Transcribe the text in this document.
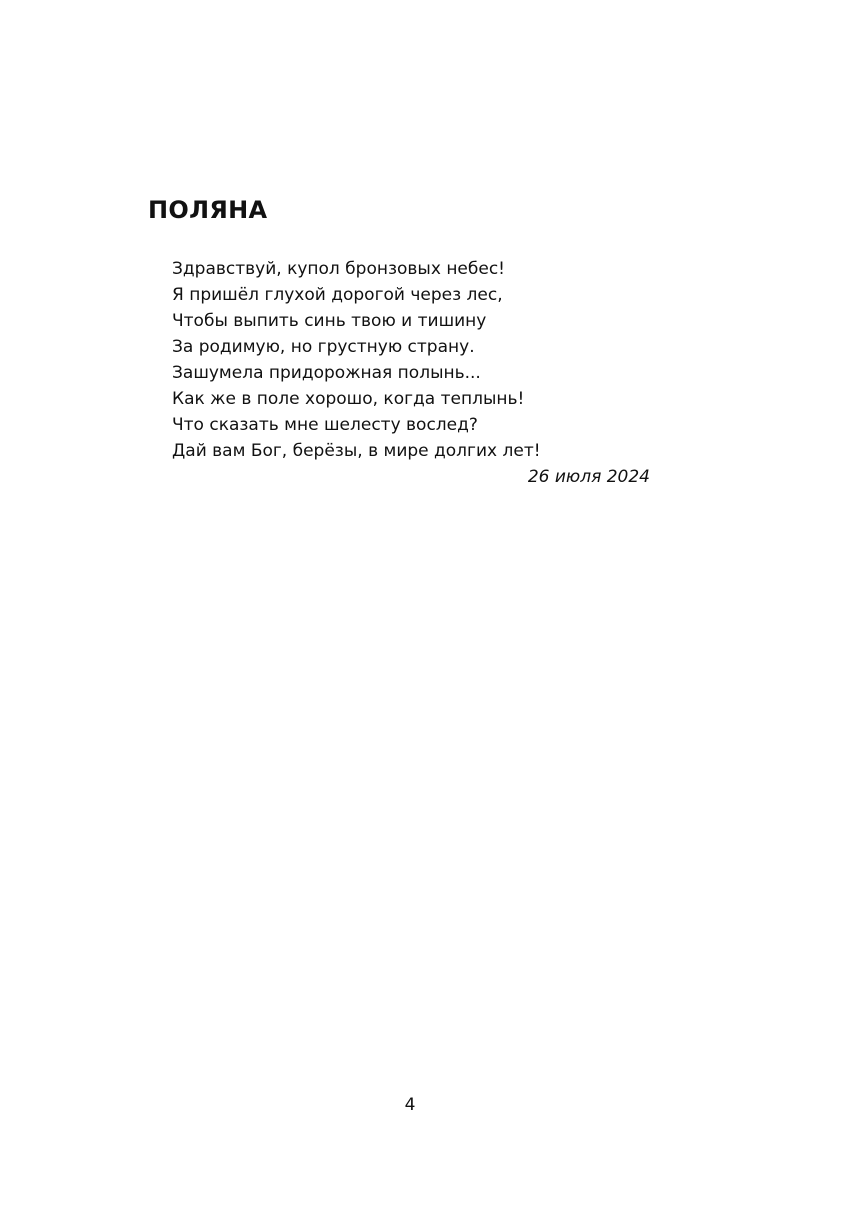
ПОЛЯНА
Здравствуй, купол бронзовых небес!
Я пришёл глухой дорогой через лес,
Чтобы выпить синь твою и тишину
За родимую, но грустную страну.
Зашумела придорожная полынь...
Как же в поле хорошо, когда теплынь!
Что сказать мне шелесту вослед?
Дай вам Бог, берёзы, в мире долгих лет!
26 июля 2024
4
